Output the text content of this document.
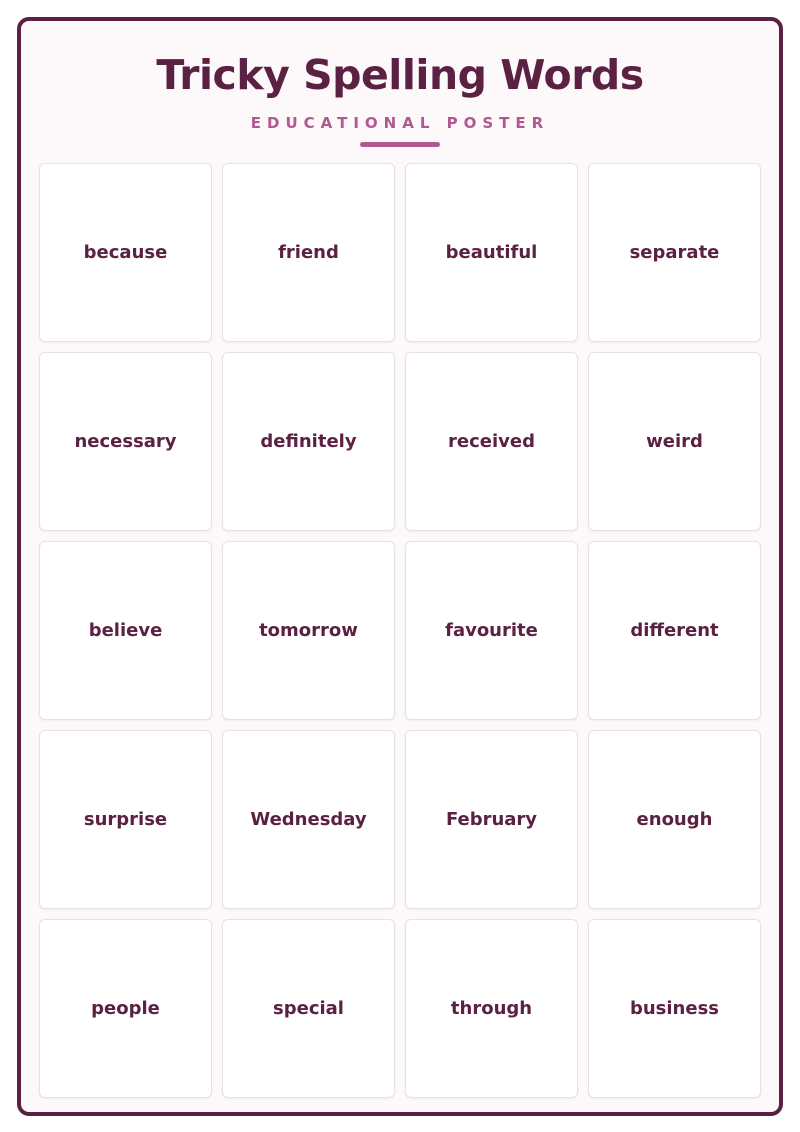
Tricky Spelling Words
EDUCATIONAL POSTER
because	friend	beautiful	separate
necessary	definitely	received	weird
believe	tomorrow	favourite	different
surprise	Wednesday	February	enough
people	special	through	business
